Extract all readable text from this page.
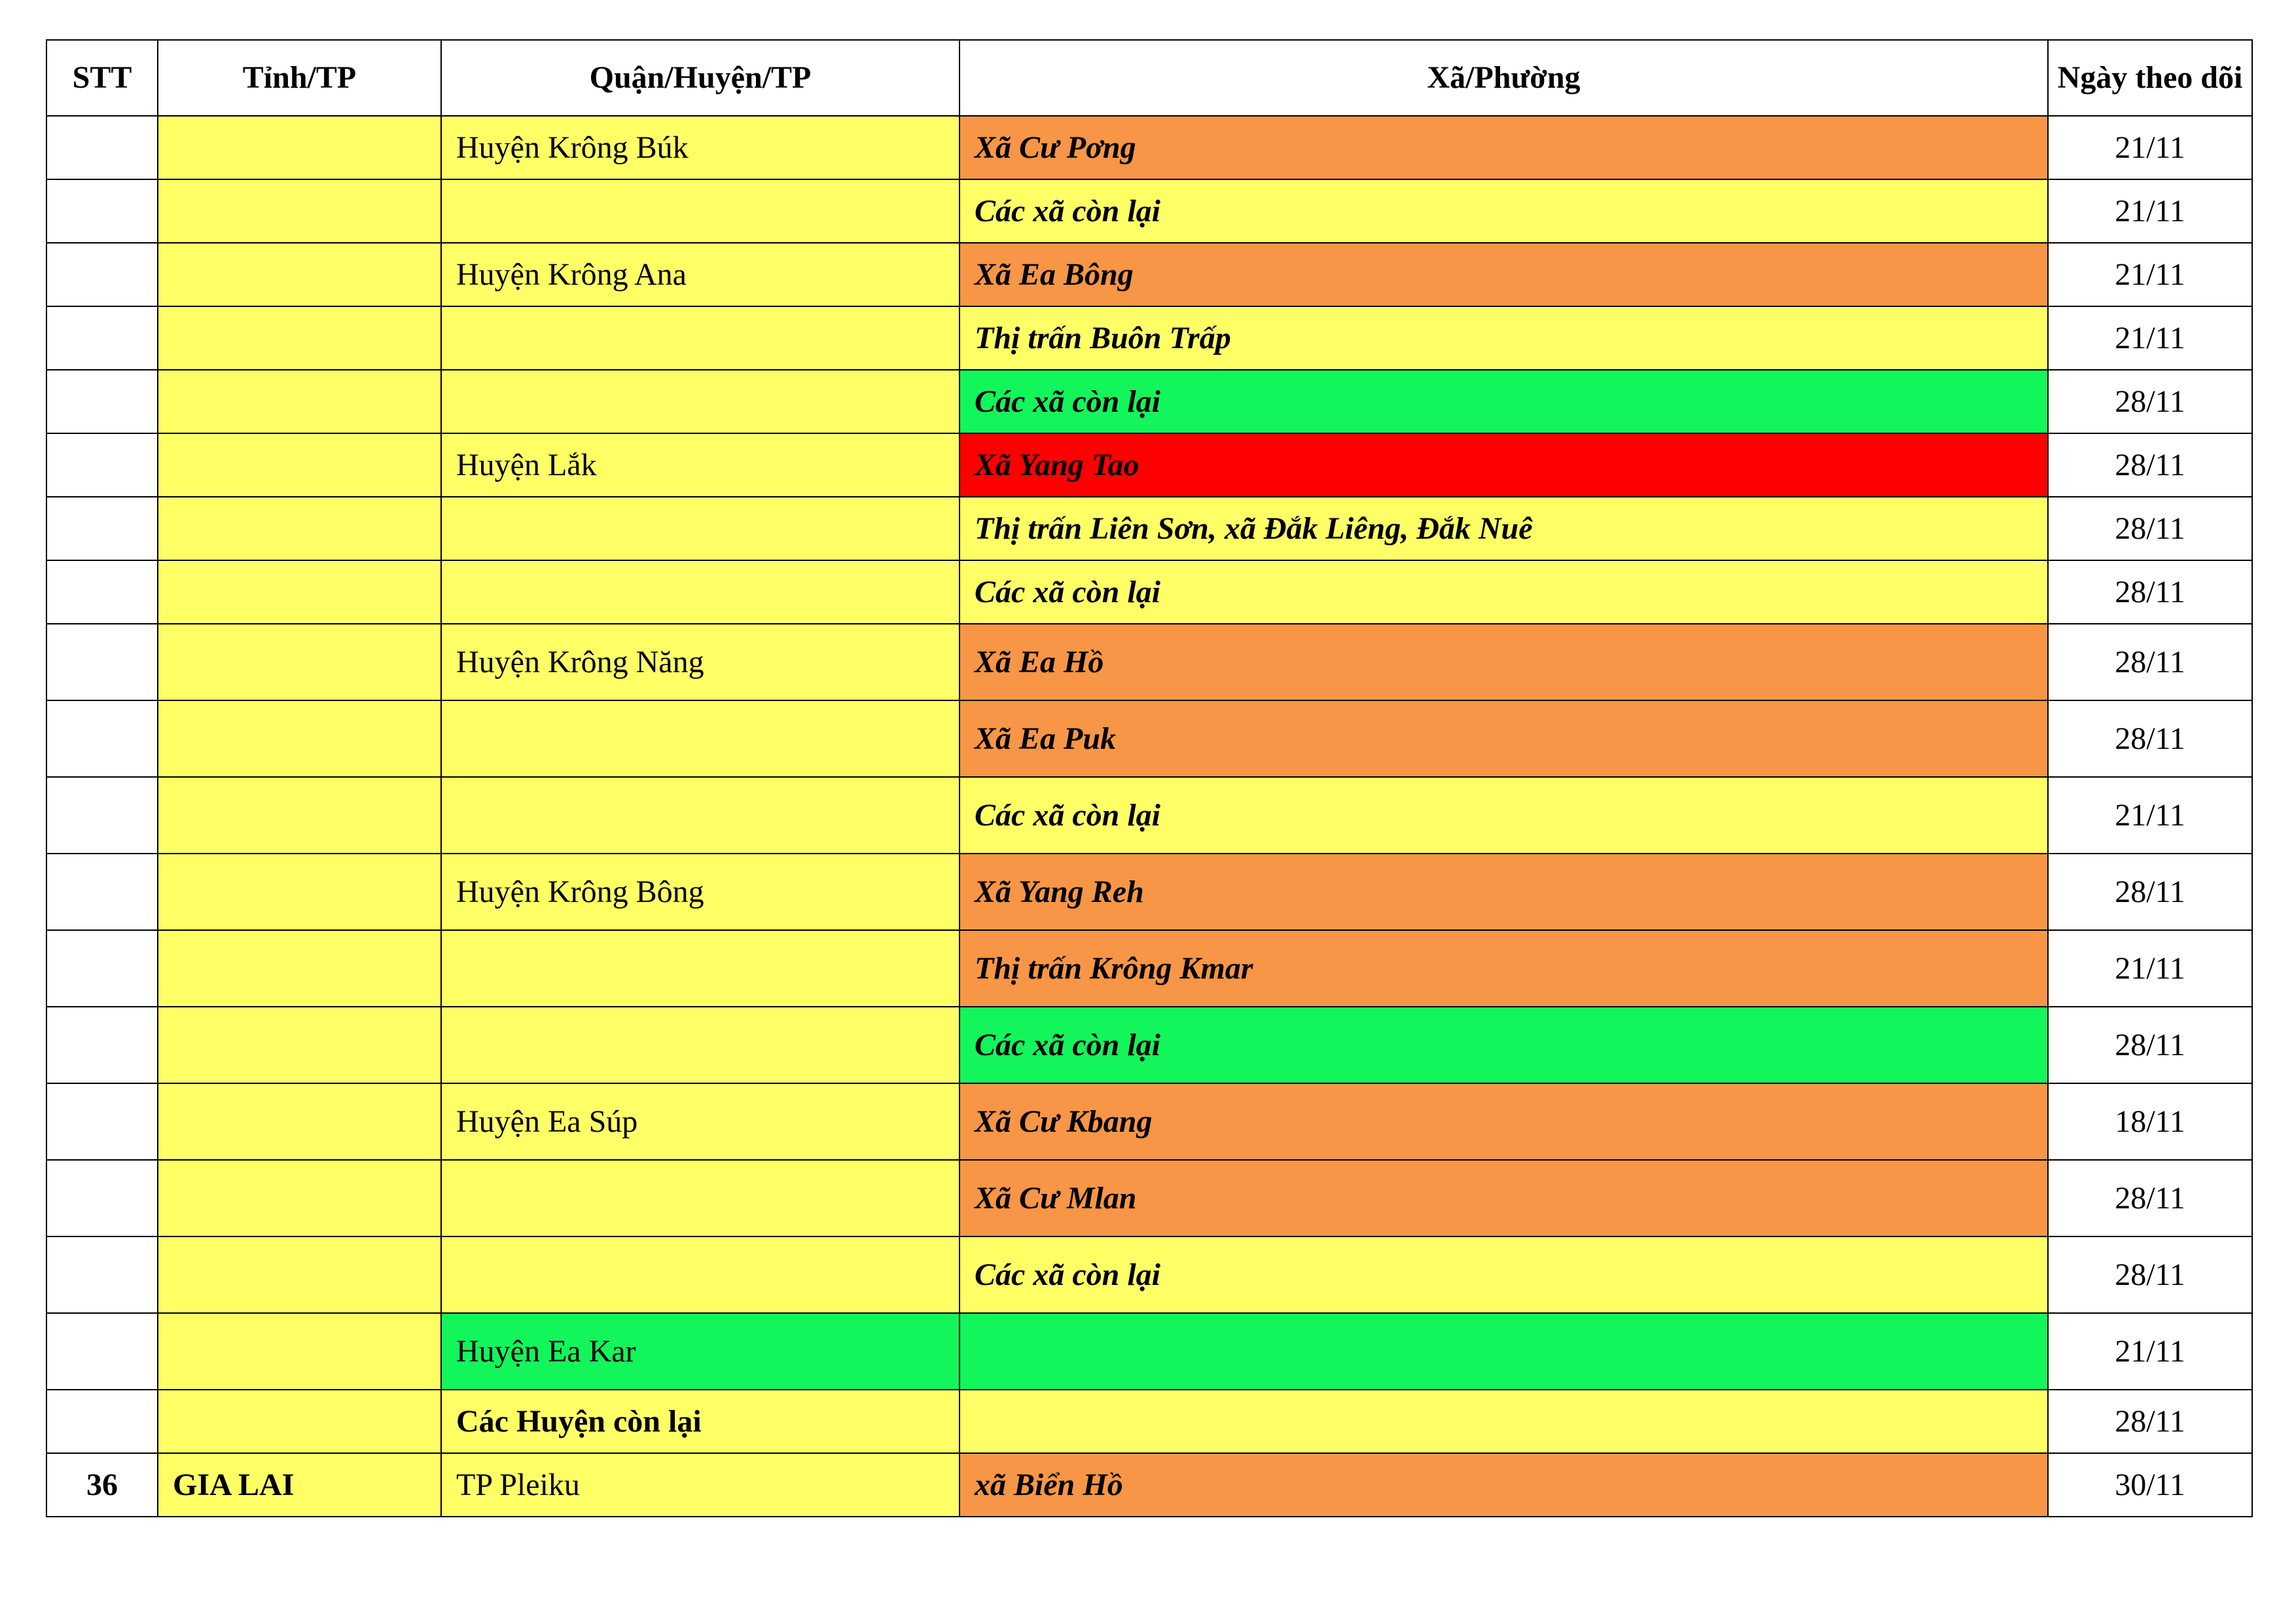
STT	Tỉnh/TP	Quận/Huyện/TP	Xã/Phường	Ngày theo dõi
		Huyện Krông Búk	Xã Cư Pơng	21/11
			Các xã còn lại	21/11
		Huyện Krông Ana	Xã Ea Bông	21/11
			Thị trấn Buôn Trấp	21/11
			Các xã còn lại	28/11
		Huyện Lắk	Xã Yang Tao	28/11
			Thị trấn Liên Sơn, xã Đắk Liêng, Đắk Nuê	28/11
			Các xã còn lại	28/11
		Huyện Krông Năng	Xã Ea Hồ	28/11
			Xã Ea Puk	28/11
			Các xã còn lại	21/11
		Huyện Krông Bông	Xã Yang Reh	28/11
			Thị trấn Krông Kmar	21/11
			Các xã còn lại	28/11
		Huyện Ea Súp	Xã Cư Kbang	18/11
			Xã Cư Mlan	28/11
			Các xã còn lại	28/11
		Huyện Ea Kar		21/11
		Các Huyện còn lại		28/11
36	GIA LAI	TP Pleiku	xã Biển Hồ	30/11
